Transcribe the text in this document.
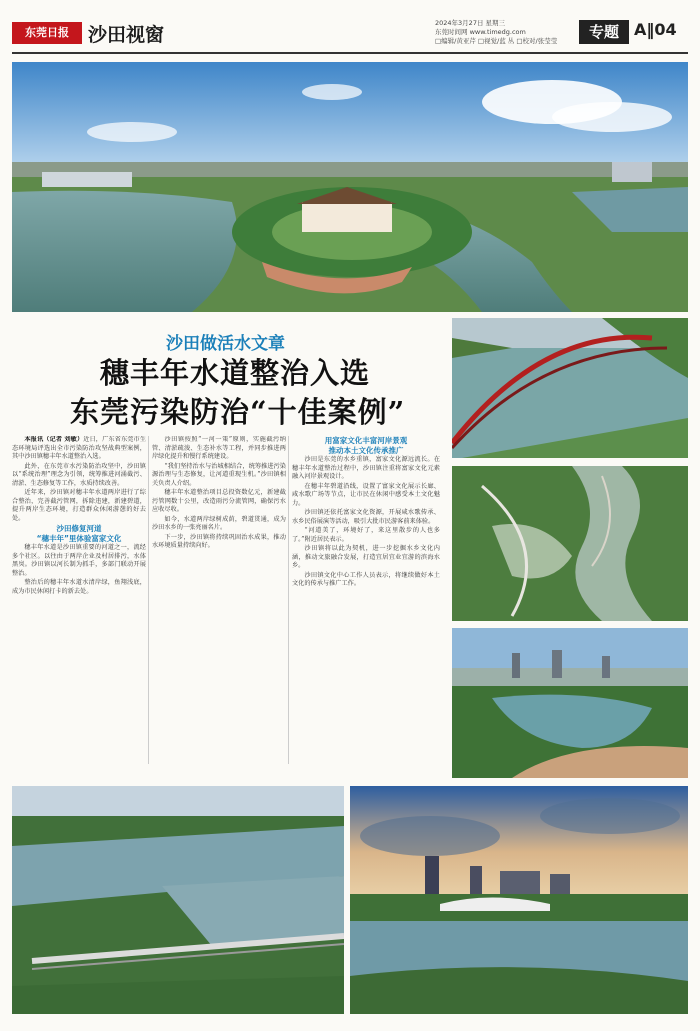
东莞日报	沙田视窗
2024年3月27日 星期三
东莞时间网 www.timedg.com
□编辑/黄亚芹 □视觉/蓝 丛 □校对/张莹莹	专题 A‖04
沙田做活水文章
穗丰年水道整治入选
东莞污染防治“十佳案例”

本报讯（记者 刘敏）近日，广东省东莞市生态环境局评选出全市污染防治攻坚战典型案例，其中沙田镇穗丰年水道整治入选。

此外，在东莞市水污染防治攻坚中，沙田镇以“系统治理”理念为引领，统筹推进河涌截污、清淤、生态修复等工作，水质持续改善。

近年来，沙田镇对穗丰年水道两岸进行了综合整治，完善截污管网，拆除违建，新建碧道，提升两岸生态环境，打造群众休闲游憩的好去处。

沙田修复河道
“穗丰年”里体验富家文化

穗丰年水道是沙田镇重要的河道之一，流经多个社区。以往由于两岸企业及村居排污，水体黑臭。沙田镇以河长制为抓手，多部门联动开展整治。

整治后的穗丰年水道水清岸绿，鱼翔浅底，成为市民休闲打卡的新去处。

沙田镇按照“一河一策”原则，实施截污纳管、清淤疏浚、生态补水等工程，并同步推进两岸绿化提升和慢行系统建设。

“我们坚持治水与治城相结合，统筹推进污染源治理与生态修复，让河道重现生机。”沙田镇相关负责人介绍。

穗丰年水道整治项目总投资数亿元，新建截污管网数十公里，改造雨污分流管网，确保污水应收尽收。

如今，水道两岸绿树成荫，碧道贯通，成为沙田水乡的一张亮丽名片。

下一步，沙田镇将持续巩固治水成果，推动水环境质量持续向好。

用富家文化丰富河岸景观
推动本土文化传承推广

沙田是东莞的水乡重镇，富家文化源远流长。在穗丰年水道整治过程中，沙田镇注重将富家文化元素融入河岸景观设计。

在穗丰年碧道沿线，设置了富家文化展示长廊、咸水歌广场等节点，让市民在休闲中感受本土文化魅力。

沙田镇还依托富家文化资源，开展咸水歌传承、水乡民俗展演等活动，吸引大批市民游客前来体验。

“河道美了，环境好了，来这里散步的人也多了。”附近居民表示。

沙田镇将以此为契机，进一步挖掘水乡文化内涵，推动文旅融合发展，打造宜居宜业宜游的滨海水乡。

沙田镇文化中心工作人员表示，将继续做好本土文化的传承与推广工作。
